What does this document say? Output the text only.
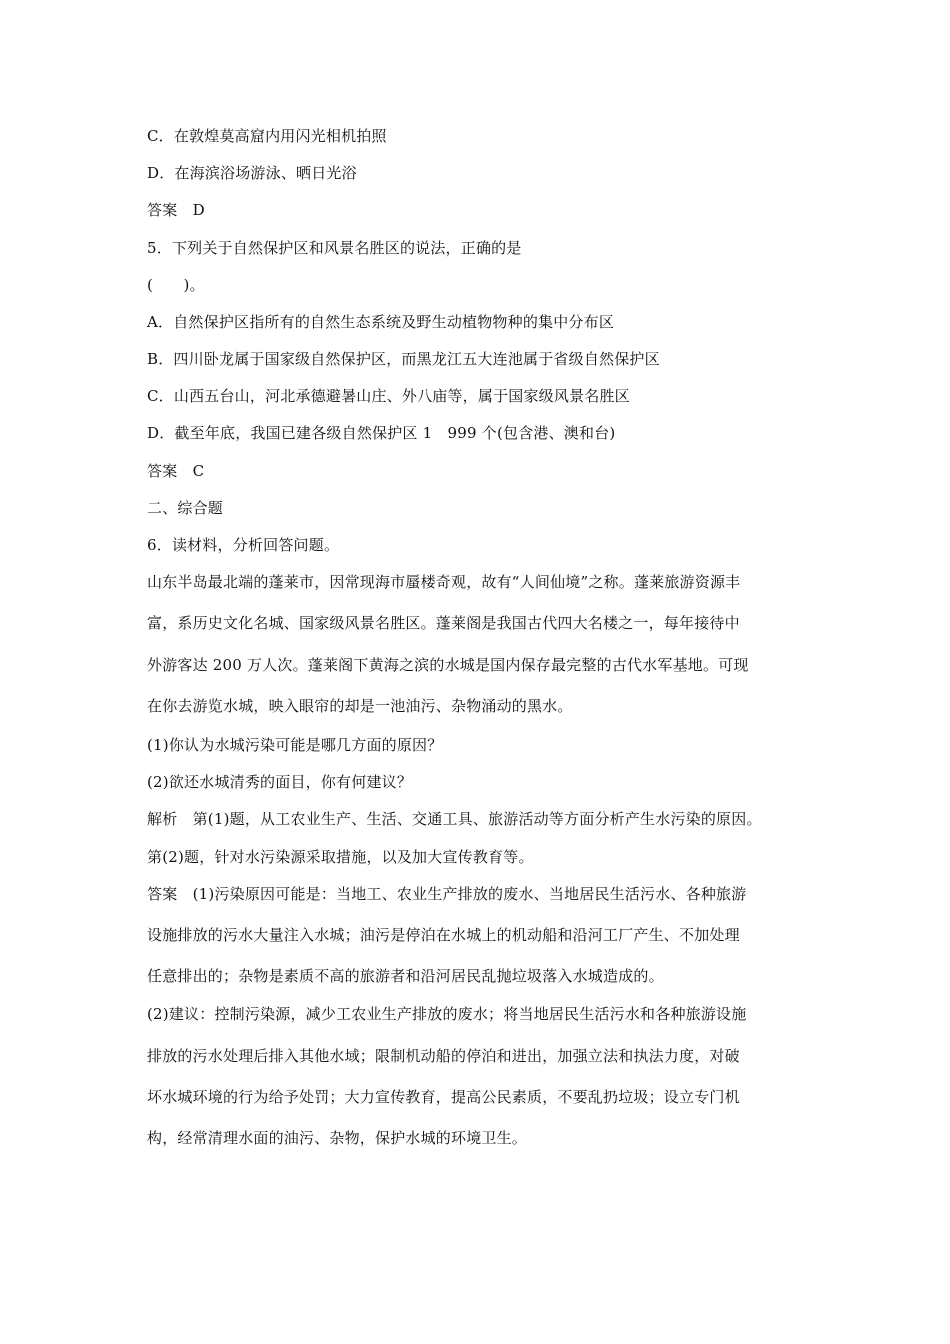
C．在敦煌莫高窟内用闪光相机拍照
D．在海滨浴场游泳、晒日光浴
答案　D
5．下列关于自然保护区和风景名胜区的说法，正确的是
(　　)。
A．自然保护区指所有的自然生态系统及野生动植物物种的集中分布区
B．四川卧龙属于国家级自然保护区，而黑龙江五大连池属于省级自然保护区
C．山西五台山，河北承德避暑山庄、外八庙等，属于国家级风景名胜区
D．截至年底，我国已建各级自然保护区 1　999 个(包含港、澳和台)
答案　C
二、综合题
6．读材料，分析回答问题。
山东半岛最北端的蓬莱市，因常现海市蜃楼奇观，故有“人间仙境”之称。蓬莱旅游资源丰
富，系历史文化名城、国家级风景名胜区。蓬莱阁是我国古代四大名楼之一，每年接待中
外游客达 200 万人次。蓬莱阁下黄海之滨的水城是国内保存最完整的古代水军基地。可现
在你去游览水城，映入眼帘的却是一池油污、杂物涌动的黑水。
(1)你认为水城污染可能是哪几方面的原因？
(2)欲还水城清秀的面目，你有何建议？
解析　第(1)题，从工农业生产、生活、交通工具、旅游活动等方面分析产生水污染的原因。
第(2)题，针对水污染源采取措施，以及加大宣传教育等。
答案　(1)污染原因可能是：当地工、农业生产排放的废水、当地居民生活污水、各种旅游
设施排放的污水大量注入水城；油污是停泊在水城上的机动船和沿河工厂产生、不加处理
任意排出的；杂物是素质不高的旅游者和沿河居民乱抛垃圾落入水城造成的。
(2)建议：控制污染源，减少工农业生产排放的废水；将当地居民生活污水和各种旅游设施
排放的污水处理后排入其他水域；限制机动船的停泊和进出，加强立法和执法力度，对破
坏水城环境的行为给予处罚；大力宣传教育，提高公民素质，不要乱扔垃圾；设立专门机
构，经常清理水面的油污、杂物，保护水城的环境卫生。
